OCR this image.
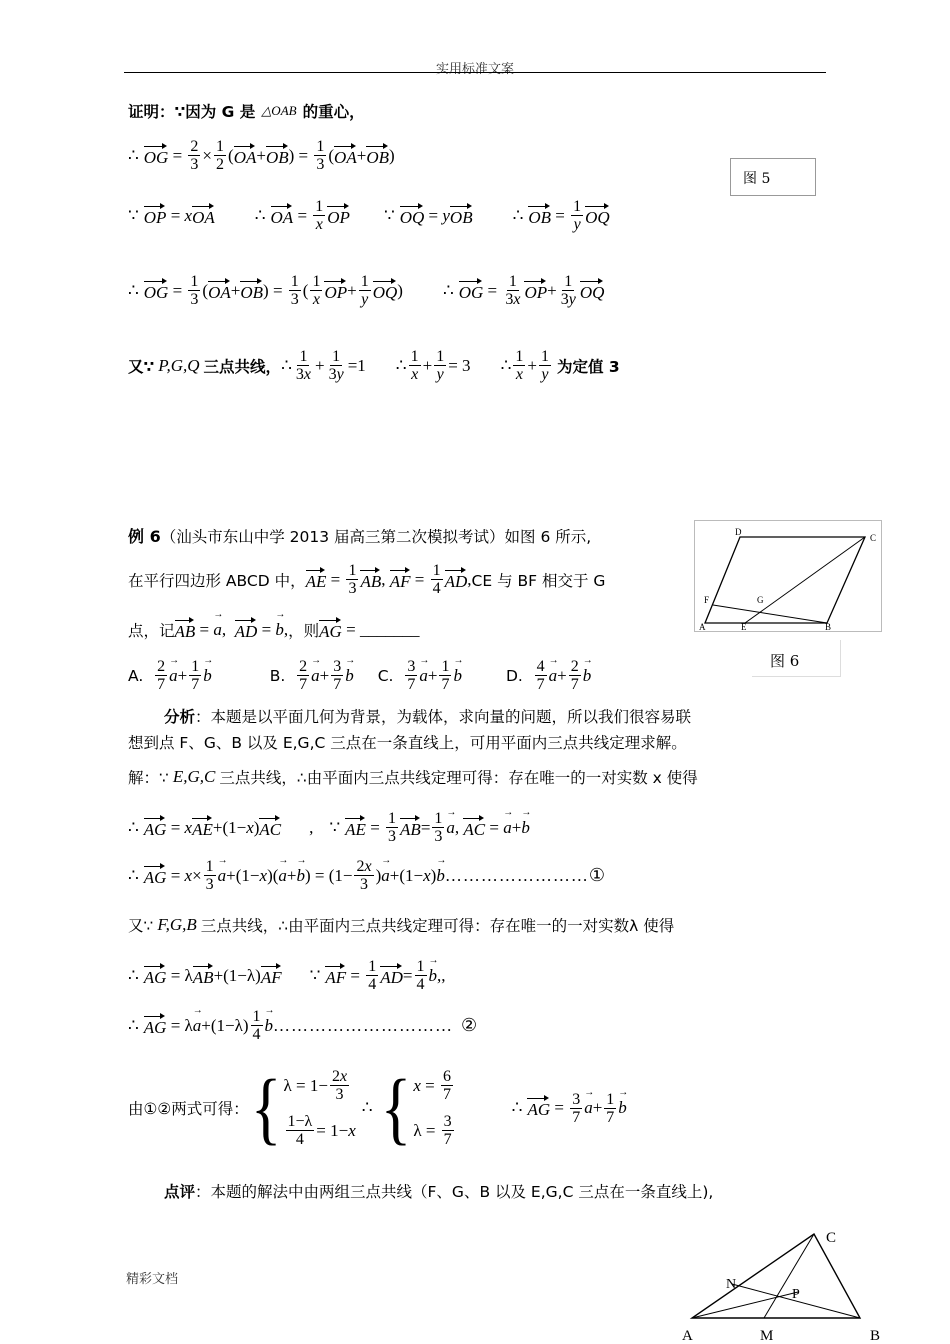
实用标准文案
证明：∵因为 G 是 △OAB 的重心，
∴
OG = $\frac{2}{3} \times \frac{1}{2}$ ( OA + OB ) = $\frac{1}{3}$ ( OA + OB )
图 5
∵
OP = x OA ∴
OA = $\frac{1}{x}$ OP ∵
OQ = y OB ∴
OB = $\frac{1}{y}$ OQ
∴
OG = $\frac{1}{3}$ ( OA + OB ) = $\frac{1}{3}$ ( $\frac{1}{x}$ OP + $\frac{1}{y}$ OQ ) ∴
OG = $\frac{1}{3x}$ OP + $\frac{1}{3y}$ OQ
又∵ P,G,Q 三点共线， ∴ $\frac{1}{3x} + \frac{1}{3y} =1$ ∴ $\frac{1}{x} + \frac{1}{y} = 3$ ∴ $\frac{1}{x} + \frac{1}{y}$ 为定值 3
例 6 （汕头市东山中学 2013 届高三第二次模拟考试）如图 6 所示,
在平行四边形 ABCD 中， AE = $\frac{1}{3}$ AB , AF = $\frac{1}{4}$ AD , CE 与 BF 相交于 G
点，记 AB =
→ a , AD =
→ b , ，则 AG = _______
A.
$\frac{2}{7}$
→ $a + \frac{1}{7}$
→ b	B.
$\frac{2}{7}$
→ $a + \frac{3}{7}$
→ b C.
$\frac{3}{7}$
→ $a + \frac{1}{7}$
→ b	D.
$\frac{4}{7}$
→ $a + \frac{2}{7}$
→ b
D
C
F	G
A	E	B
图 6
分析 ：本题是以平面几何为背景，为载体，求向量的问题，所以我们很容易联
想到点 F、G、B 以及 E,G,C 三点在一条直线上，可用平面内三点共线定理求解。
解：∵ E,G,C 三点共线，∴由平面内三点共线定理可得：存在唯一的一对实数 x 使得
∴
AG = x AE +(1− x ) AC , ∵
AE = $\frac{1}{3}$ AB = $\frac{1}{3}$
→ a , AC =
→ a +
→ b
∴
AG = $x \times \frac{1}{3}$
→ a +(1− x )(
→ a +
→ b ) = ($1- \frac{2x}{3}$ )
→ a +(1− x )
→ b …………………… ①
又∵ F,G,B 三点共线，∴由平面内三点共线定理可得：存在唯一的一对实数λ 使得
∴
AG = λ AB +(1−λ) AF ∵
AF = $\frac{1}{4}$ AD = $\frac{1}{4}$
→ b ,,
∴
AG = λ
→ $a +(1-\lambda) \frac{1}{4}$
→ b ………………………… ②
由①②两式可得： { $\lambda = 1- \frac{2x}{3}$
$\frac{1-\lambda}{4} = 1- x$
∴ { $x = \frac{6}{7}$
$\lambda = \frac{3}{7}$
∴
AG = $\frac{3}{7}$
→ $a + \frac{1}{7}$
→ b
点评 ：本题的解法中由两组三点共线（F、G、B 以及 E,G,C 三点在一条直线上),
精彩文档
C
N
P
A	M	B
